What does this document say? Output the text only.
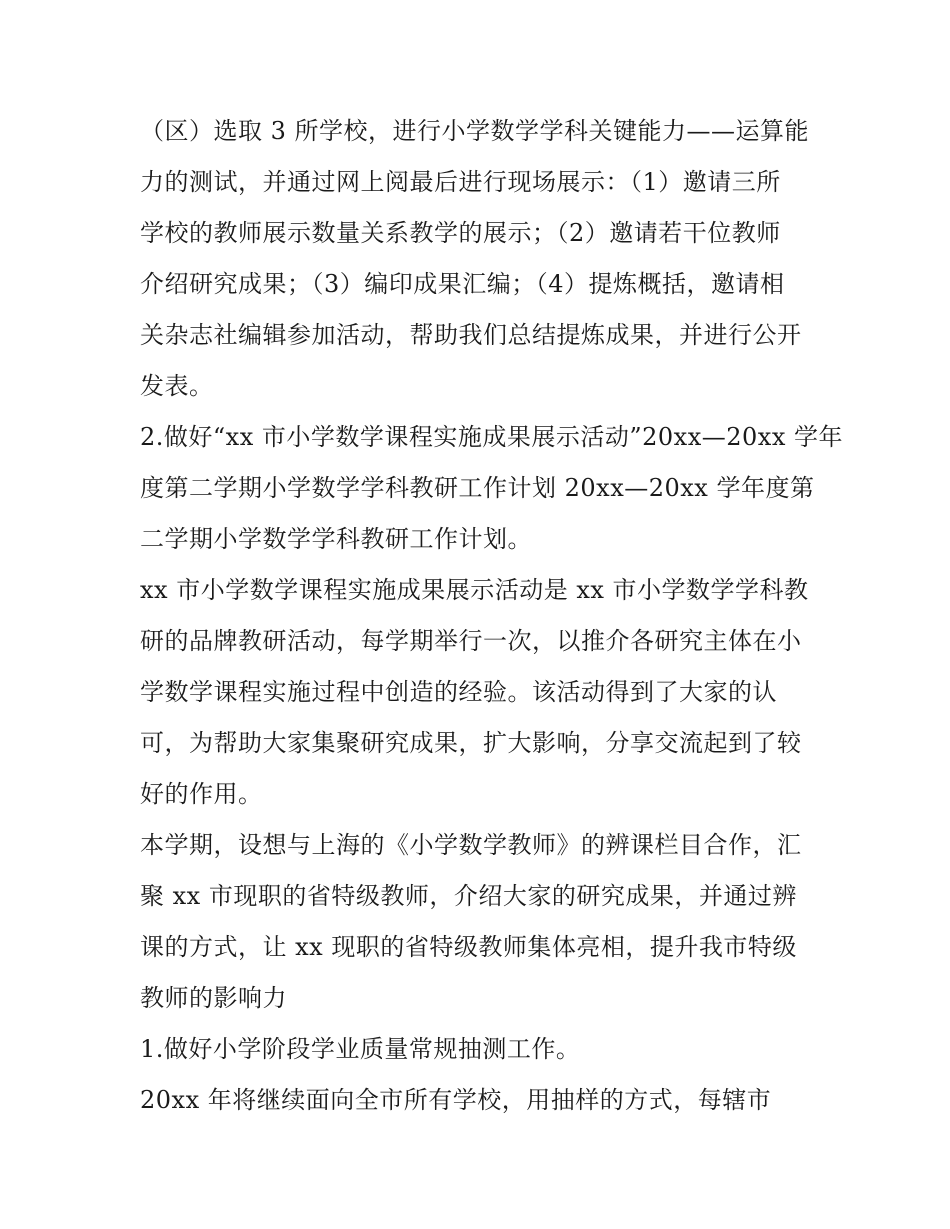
（区）选取 3 所学校，进行小学数学学科关键能力——运算能
力的测试，并通过网上阅最后进行现场展示：（1）邀请三所
学校的教师展示数量关系教学的展示；（2）邀请若干位教师
介绍研究成果；（3）编印成果汇编；（4）提炼概括，邀请相
关杂志社编辑参加活动，帮助我们总结提炼成果，并进行公开
发表。
2.做好“xx 市小学数学课程实施成果展示活动”20xx—20xx 学年
度第二学期小学数学学科教研工作计划 20xx—20xx 学年度第
二学期小学数学学科教研工作计划。
xx 市小学数学课程实施成果展示活动是 xx 市小学数学学科教
研的品牌教研活动，每学期举行一次，以推介各研究主体在小
学数学课程实施过程中创造的经验。该活动得到了大家的认
可，为帮助大家集聚研究成果，扩大影响，分享交流起到了较
好的作用。
本学期，设想与上海的《小学数学教师》的辨课栏目合作，汇
聚 xx 市现职的省特级教师，介绍大家的研究成果，并通过辨
课的方式，让 xx 现职的省特级教师集体亮相，提升我市特级
教师的影响力
1.做好小学阶段学业质量常规抽测工作。
20xx 年将继续面向全市所有学校，用抽样的方式，每辖市
